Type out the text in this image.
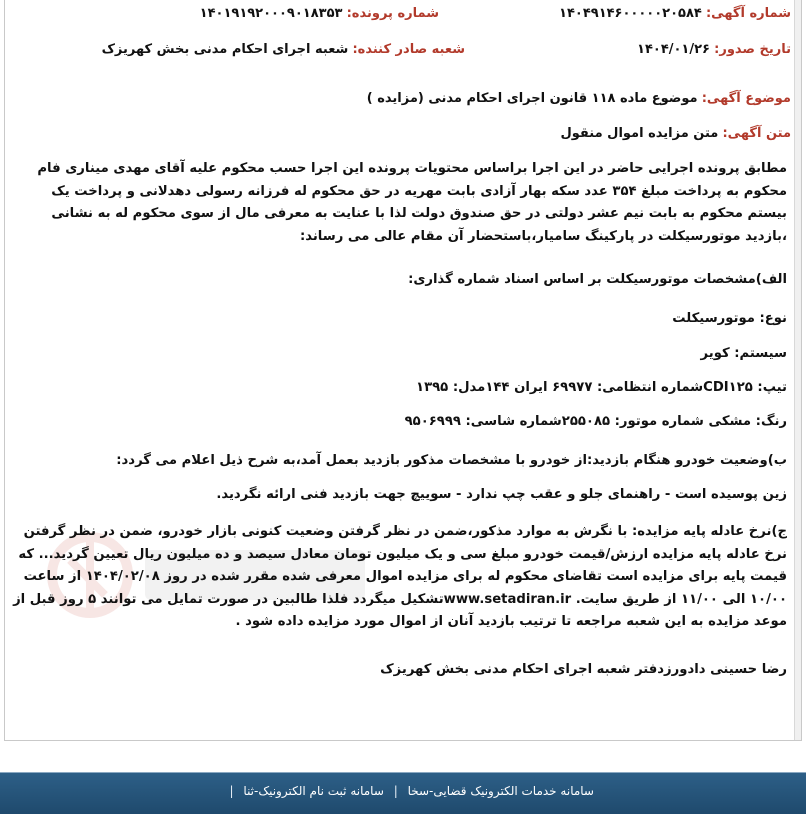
شماره آگهی: ۱۴۰۴۹۱۴۶۰۰۰۰۰۲۰۵۸۴
شماره پرونده: ۱۴۰۱۹۱۹۲۰۰۰۹۰۱۸۳۵۳
تاریخ صدور: ۱۴۰۴/۰۱/۲۶
شعبه صادر کننده: شعبه اجرای احکام مدنی بخش کهریزک
موضوع آگهی: موضوع ماده ۱۱۸ قانون اجرای احکام مدنی (مزایده )
متن آگهی: متن مزایده اموال منقول
مطابق پرونده اجرایی حاضر در این اجرا براساس محتویات پرونده این اجرا حسب محکوم علیه آقای مهدی میناری فام محکوم به پرداخت مبلغ ۳۵۴ عدد سکه بهار آزادی بابت مهریه در حق محکوم له فرزانه رسولی دهدلانی و پرداخت یک بیستم محکوم به بابت نیم عشر دولتی در حق صندوق دولت لذا با عنایت به معرفی مال از سوی محکوم له به نشانی ،بازدید موتورسیکلت در پارکینگ سامیار،باستحضار آن مقام عالی می رساند:
الف)مشخصات موتورسیکلت بر اساس اسناد شماره گذاری:
نوع: موتورسیکلت
سیستم: کویر
تیپ: CDI۱۲۵شماره انتظامی: ۶۹۹۷۷ ایران ۱۴۴مدل: ۱۳۹۵
رنگ: مشکی شماره موتور: ۲۵۵۰۸۵شماره شاسی: ۹۵۰۶۹۹۹
ب)وضعیت خودرو هنگام بازدید:از خودرو با مشخصات مذکور بازدید بعمل آمد،به شرح ذیل اعلام می گردد:
زین پوسیده است - راهنمای جلو و عقب چپ ندارد - سوییچ جهت بازدید فنی ارائه نگردید.
ج)نرخ عادله پایه مزایده: با نگرش به موارد مذکور،ضمن در نظر گرفتن وضعیت کنونی بازار خودرو، ضمن در نظر گرفتن نرخ عادله پایه مزایده ارزش/قیمت خودرو مبلغ سی و یک میلیون تومان معادل سیصد و ده میلیون ریال تعیین گردید... که قیمت پایه برای مزایده است تقاضای محکوم له برای مزایده اموال معرفی شده مقرر شده در روز ۱۴۰۴/۰۲/۰۸ از ساعت ۱۰/۰۰ الی ۱۱/۰۰ از طریق سایت. www.setadiran.irتشکیل میگردد فلذا طالبین در صورت تمایل می توانند ۵ روز قبل از موعد مزایده به این شعبه مراجعه تا ترتیب بازدید آنان از اموال مورد مزایده داده شود .
رضا حسینی دادورزدفتر شعبه اجرای احکام مدنی بخش کهریزک
سامانه خدمات الکترونیک قضایی-سخا | سامانه ثبت نام الکترونیک-ثنا |
